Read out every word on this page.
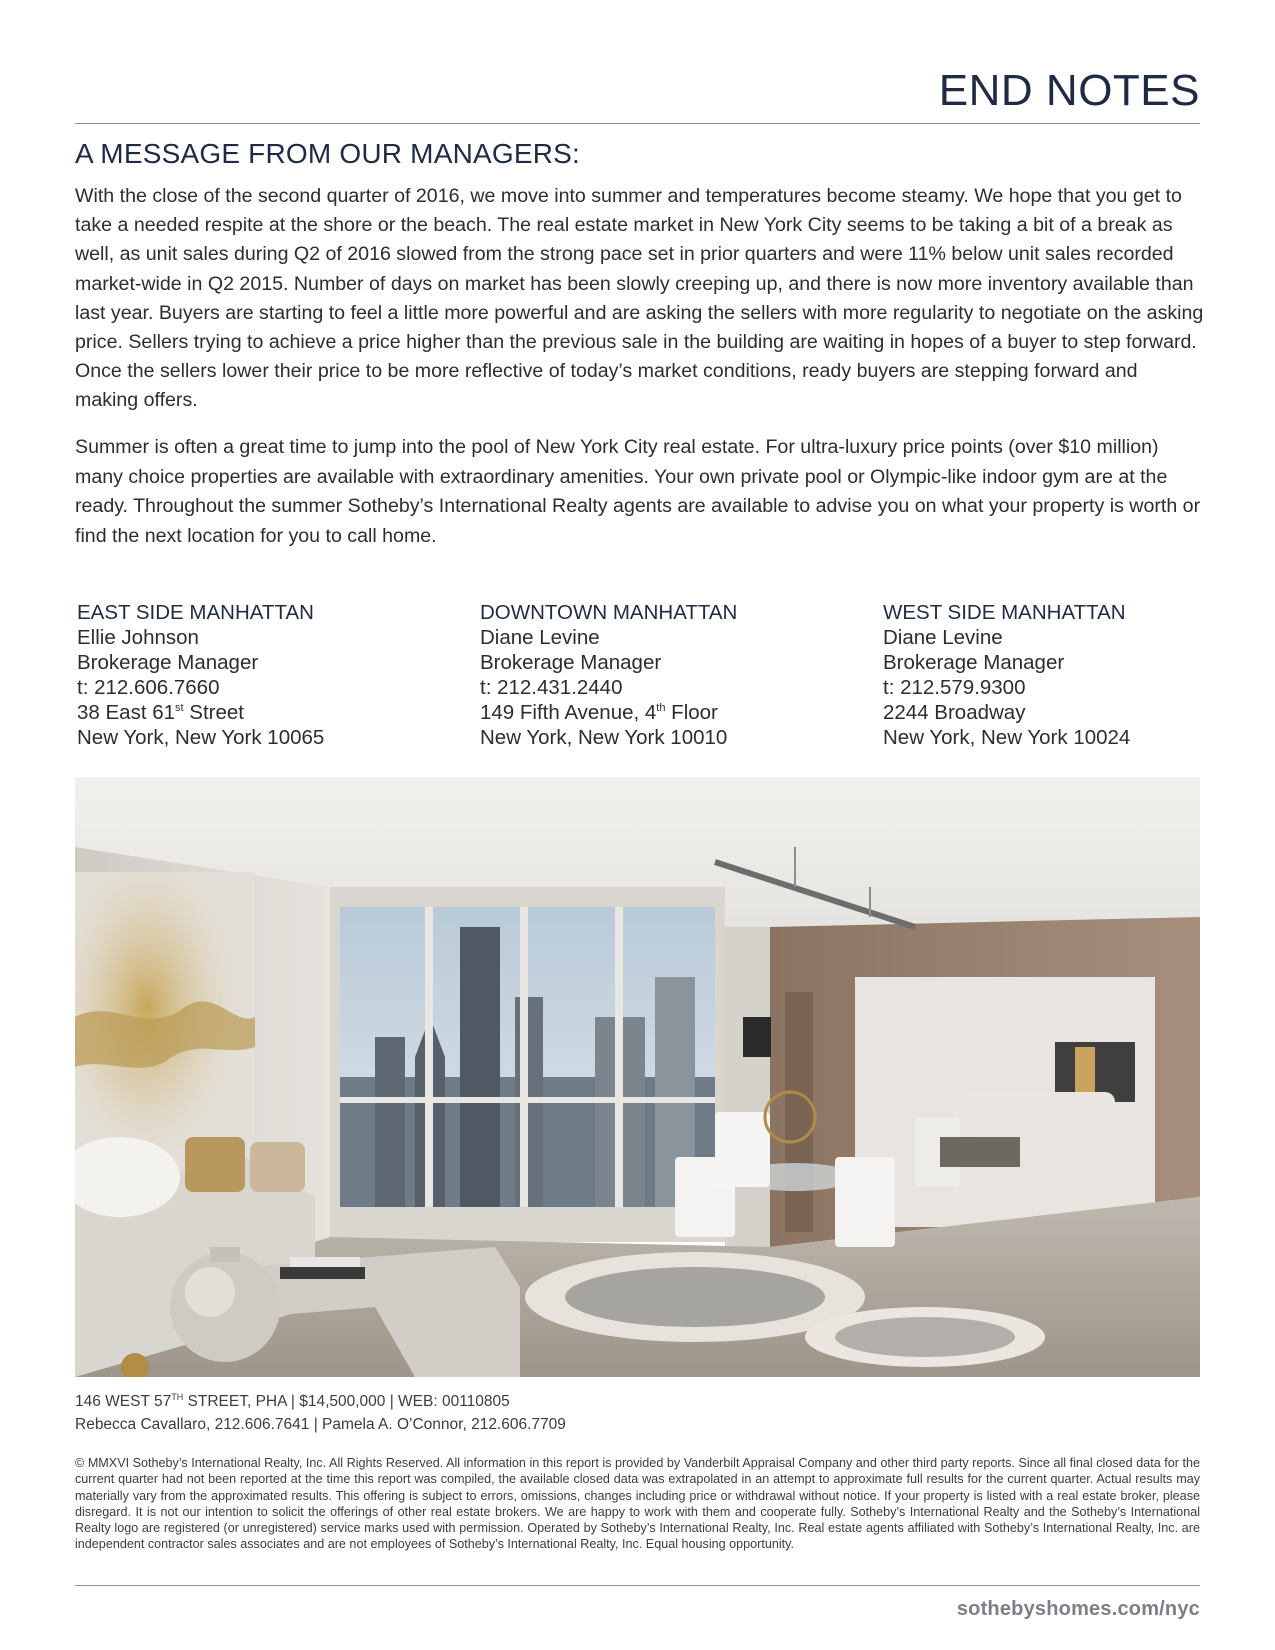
END NOTES
A MESSAGE FROM OUR MANAGERS:

With the close of the second quarter of 2016, we move into summer and temperatures become steamy. We hope that you get to take a needed respite at the shore or the beach. The real estate market in New York City seems to be taking a bit of a break as well, as unit sales during Q2 of 2016 slowed from the strong pace set in prior quarters and were 11% below unit sales recorded market-wide in Q2 2015. Number of days on market has been slowly creeping up, and there is now more inventory available than last year. Buyers are starting to feel a little more powerful and are asking the sellers with more regularity to negotiate on the asking price. Sellers trying to achieve a price higher than the previous sale in the building are waiting in hopes of a buyer to step forward. Once the sellers lower their price to be more reflective of today’s market conditions, ready buyers are stepping forward and making offers.

Summer is often a great time to jump into the pool of New York City real estate. For ultra-luxury price points (over $10 million) many choice properties are available with extraordinary amenities. Your own private pool or Olympic-like indoor gym are at the ready. Throughout the summer Sotheby’s International Realty agents are available to advise you on what your property is worth or find the next location for you to call home.

EAST SIDE MANHATTAN
Ellie Johnson
Brokerage Manager
t: 212.606.7660
38 East 61st Street
New York, New York 10065
DOWNTOWN MANHATTAN
Diane Levine
Brokerage Manager
t: 212.431.2440
149 Fifth Avenue, 4th Floor
New York, New York 10010
WEST SIDE MANHATTAN
Diane Levine
Brokerage Manager
t: 212.579.9300
2244 Broadway
New York, New York 10024
146 WEST 57TH STREET, PHA | $14,500,000 | WEB: 00110805
Rebecca Cavallaro, 212.606.7641 | Pamela A. O’Connor, 212.606.7709

© MMXVI Sotheby’s International Realty, Inc. All Rights Reserved. All information in this report is provided by Vanderbilt Appraisal Company and other third party reports. Since all final closed data for the current quarter had not been reported at the time this report was compiled, the available closed data was extrapolated in an attempt to approximate full results for the current quarter. Actual results may materially vary from the approximated results. This offering is subject to errors, omissions, changes including price or withdrawal without notice. If your property is listed with a real estate broker, please disregard. It is not our intention to solicit the offerings of other real estate brokers. We are happy to work with them and cooperate fully. Sotheby’s International Realty and the Sotheby’s International Realty logo are registered (or unregistered) service marks used with permission. Operated by Sotheby’s International Realty, Inc. Real estate agents affiliated with Sotheby’s International Realty, Inc. are independent contractor sales associates and are not employees of Sotheby’s International Realty, Inc. Equal housing opportunity.

sothebyshomes.com/nyc
